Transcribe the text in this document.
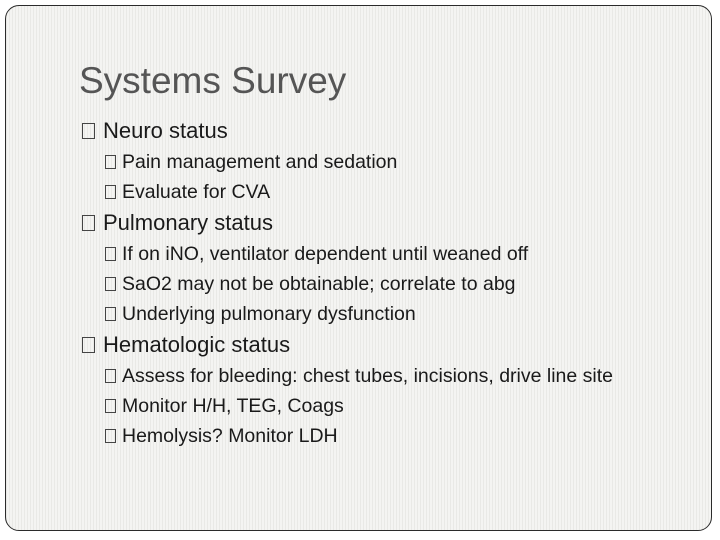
Systems Survey
Neuro status
Pain management and sedation
Evaluate for CVA
Pulmonary status
If on iNO, ventilator dependent until weaned off
SaO2 may not be obtainable; correlate to abg
Underlying pulmonary dysfunction
Hematologic status
Assess for bleeding: chest tubes, incisions, drive line site
Monitor H/H, TEG, Coags
Hemolysis? Monitor LDH
